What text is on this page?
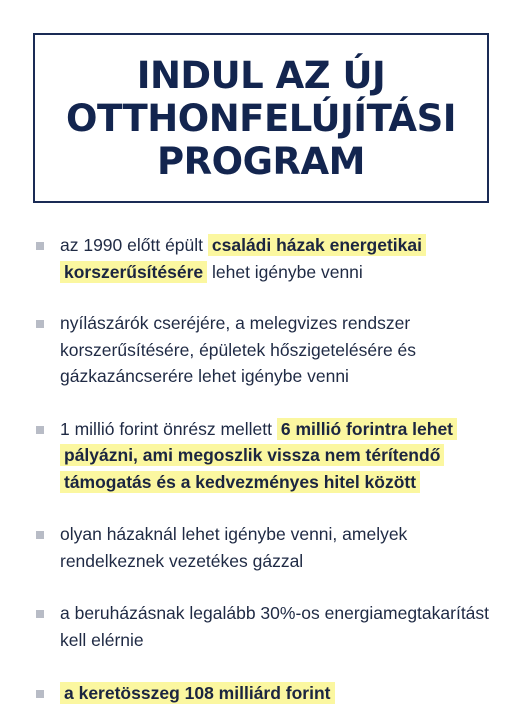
INDUL AZ ÚJ
OTTHONFELÚJÍTÁSI
PROGRAM
az 1990 előtt épült családi házak energetikai korszerűsítésére lehet igénybe venni
nyílászárók cseréjére, a melegvizes rendszer korszerűsítésére, épületek hőszigetelésére és gázkazáncserére lehet igénybe venni
1 millió forint önrész mellett 6 millió forintra lehet pályázni, ami megoszlik vissza nem térítendő támogatás és a kedvezményes hitel között
olyan házaknál lehet igénybe venni, amelyek rendelkeznek vezetékes gázzal
a beruházásnak legalább 30%-os energiamegtakarítást kell elérnie
a keretösszeg 108 milliárd forint
